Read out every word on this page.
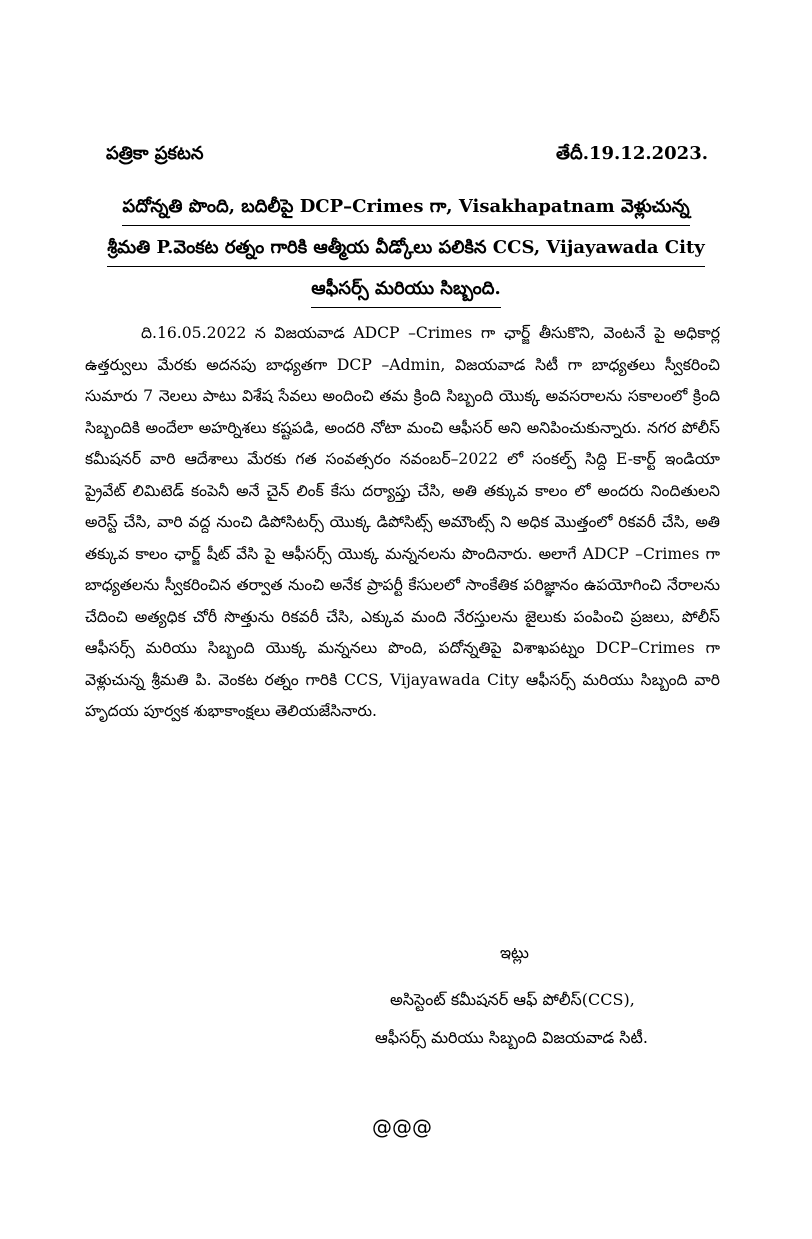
పత్రికా ప్రకటన	తేదీ.19.12.2023.
పదోన్నతి పొంది, బదిలీపై DCP–Crimes గా, Visakhapatnam వెళ్లుచున్న
శ్రీమతి P.వెంకట రత్నం గారికి ఆత్మీయ వీడ్కోలు పలికిన CCS, Vijayawada City
ఆఫీసర్స్ మరియు సిబ్బంది.

ది.16.05.2022 న విజయవాడ ADCP –Crimes గా ఛార్జ్ తీసుకొని, వెంటనే పై అధికార్ల ఉత్తర్వులు మేరకు అదనపు బాధ్యతగా DCP –Admin, విజయవాడ సిటీ గా బాధ్యతలు స్వీకరించి సుమారు 7 నెలలు పాటు విశేష సేవలు అందించి తమ క్రింది సిబ్బంది యొక్క అవసరాలను సకాలంలో క్రింది సిబ్బందికి అందేలా అహర్నిశలు కష్టపడి, అందరి నోటా మంచి ఆఫీసర్ అని అనిపించుకున్నారు. నగర పోలీస్ కమీషనర్ వారి ఆదేశాలు మేరకు గత సంవత్సరం నవంబర్–2022 లో సంకల్ప్ సిద్ది E-కార్ట్ ఇండియా ప్రైవేట్ లిమిటెడ్ కంపెనీ అనే చైన్ లింక్ కేసు దర్యాప్తు చేసి, అతి తక్కువ కాలం లో అందరు నిందితులని అరెస్ట్ చేసి, వారి వద్ద నుంచి డిపోసిటర్స్ యొక్క డిపోసిట్స్ అమౌంట్స్ ని అధిక మొత్తంలో రికవరీ చేసి, అతి తక్కువ కాలం ఛార్జ్ షీట్ వేసి పై ఆఫీసర్స్ యొక్క మన్ననలను పొందినారు. అలాగే ADCP –Crimes గా బాధ్యతలను స్వీకరించిన తర్వాత నుంచి అనేక ప్రాపర్టీ కేసులలో సాంకేతిక పరిజ్ఞానం ఉపయోగించి నేరాలను చేదించి అత్యధిక చోరీ సొత్తును రికవరీ చేసి, ఎక్కువ మంది నేరస్తులను జైలుకు పంపించి ప్రజలు, పోలీస్ ఆఫీసర్స్ మరియు సిబ్బంది యొక్క మన్ననలు పొంది, పదోన్నతిపై విశాఖపట్నం DCP–Crimes గా వెళ్లుచున్న శ్రీమతి పి. వెంకట రత్నం గారికి CCS, Vijayawada City ఆఫీసర్స్ మరియు సిబ్బంది వారి హృదయ పూర్వక శుభాకాంక్షలు తెలియజేసినారు.

ఇట్లు
అసిస్టెంట్ కమీషనర్ ఆఫ్ పోలీస్(CCS),
ఆఫీసర్స్ మరియు సిబ్బంది విజయవాడ సిటీ.
@@@
